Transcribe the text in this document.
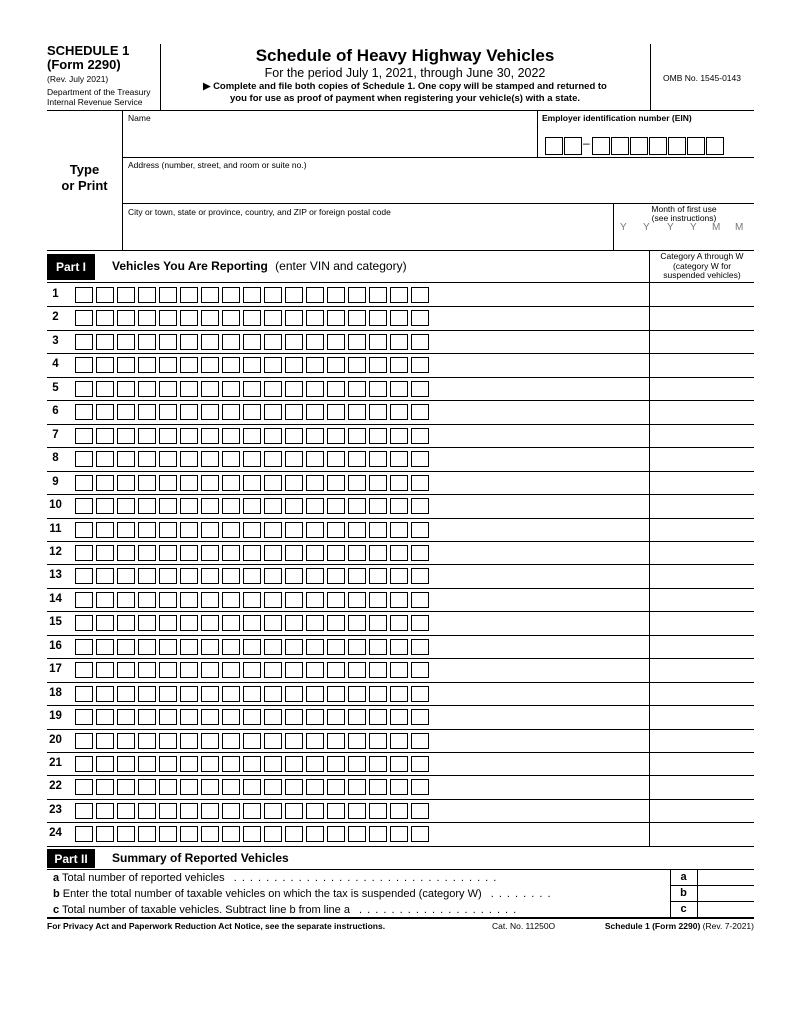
SCHEDULE 1
(Form 2290)
(Rev. July 2021)
Department of the Treasury
Internal Revenue Service
Schedule of Heavy Highway Vehicles
For the period July 1, 2021, through June 30, 2022
▶ Complete and file both copies of Schedule 1. One copy will be stamped and returned to
you for use as proof of payment when registering your vehicle(s) with a state.
OMB No. 1545-0143
Type
or Print
Name	Employer identification number (EIN)
–
Address (number, street, and room or suite no.)
City or town, state or province, country, and ZIP or foreign postal code	Month of first use
(see instructions)
Y Y Y Y M M
Part I	Vehicles You Are Reporting (enter VIN and category)
Category A through W
(category W for
suspended vehicles)
1
2
3
4
5
6
7
8
9
10
11
12
13
14
15
16
17
18
19
20
21
22
23
24
Part II	Summary of Reported Vehicles
a Total number of reported vehicles . . . . . . . . . . . . . . . . . . . . . . . . . . . . . . . . .	a
b Enter the total number of taxable vehicles on which the tax is suspended (category W) . . . . . . . .	b
c Total number of taxable vehicles. Subtract line b from line a . . . . . . . . . . . . . . . . . . . .	c
For Privacy Act and Paperwork Reduction Act Notice, see the separate instructions.	Cat. No. 11250O	Schedule 1 (Form 2290) (Rev. 7-2021)
